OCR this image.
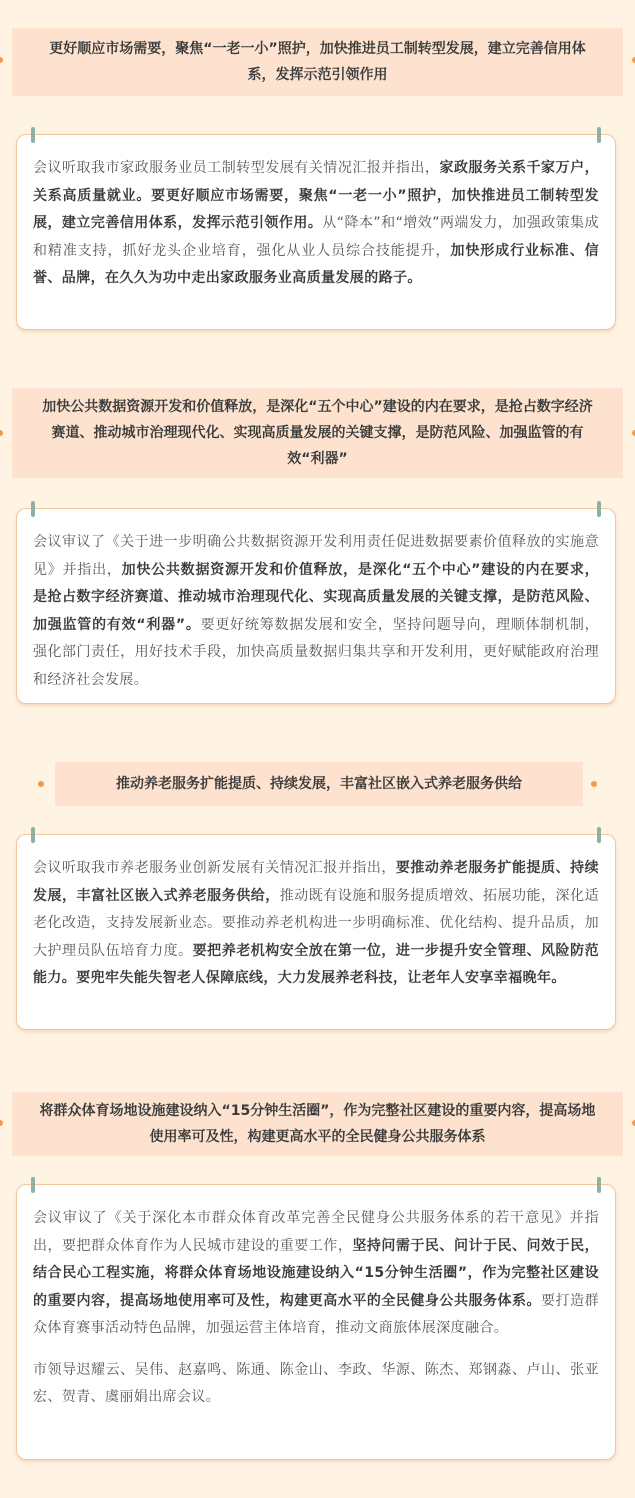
更好顺应市场需要，聚焦“一老一小”照护，加快推进员工制转型发展，建立完善信用体系，发挥示范引领作用

会议听取我市家政服务业员工制转型发展有关情况汇报并指出，家政服务关系千家万户，关系高质量就业。要更好顺应市场需要，聚焦“一老一小”照护，加快推进员工制转型发展，建立完善信用体系，发挥示范引领作用。从“降本”和“增效”两端发力，加强政策集成和精准支持，抓好龙头企业培育，强化从业人员综合技能提升，加快形成行业标准、信誉、品牌，在久久为功中走出家政服务业高质量发展的路子。

加快公共数据资源开发和价值释放，是深化“五个中心”建设的内在要求，是抢占数字经济赛道、推动城市治理现代化、实现高质量发展的关键支撑，是防范风险、加强监管的有效“利器”

会议审议了《关于进一步明确公共数据资源开发利用责任促进数据要素价值释放的实施意见》并指出，加快公共数据资源开发和价值释放，是深化“五个中心”建设的内在要求，是抢占数字经济赛道、推动城市治理现代化、实现高质量发展的关键支撑，是防范风险、加强监管的有效“利器”。要更好统筹数据发展和安全，坚持问题导向，理顺体制机制，强化部门责任，用好技术手段，加快高质量数据归集共享和开发利用，更好赋能政府治理和经济社会发展。

推动养老服务扩能提质、持续发展，丰富社区嵌入式养老服务供给

会议听取我市养老服务业创新发展有关情况汇报并指出，要推动养老服务扩能提质、持续发展，丰富社区嵌入式养老服务供给，推动既有设施和服务提质增效、拓展功能，深化适老化改造，支持发展新业态。要推动养老机构进一步明确标准、优化结构、提升品质，加大护理员队伍培育力度。要把养老机构安全放在第一位，进一步提升安全管理、风险防范能力。要兜牢失能失智老人保障底线，大力发展养老科技，让老年人安享幸福晚年。

将群众体育场地设施建设纳入“15分钟生活圈”，作为完整社区建设的重要内容，提高场地使用率可及性，构建更高水平的全民健身公共服务体系

会议审议了《关于深化本市群众体育改革完善全民健身公共服务体系的若干意见》并指出，要把群众体育作为人民城市建设的重要工作，坚持问需于民、问计于民、问效于民，结合民心工程实施，将群众体育场地设施建设纳入“15分钟生活圈”，作为完整社区建设的重要内容，提高场地使用率可及性，构建更高水平的全民健身公共服务体系。要打造群众体育赛事活动特色品牌，加强运营主体培育，推动文商旅体展深度融合。

市领导迟耀云、吴伟、赵嘉鸣、陈通、陈金山、李政、华源、陈杰、郑钢淼、卢山、张亚宏、贺青、虞丽娟出席会议。
